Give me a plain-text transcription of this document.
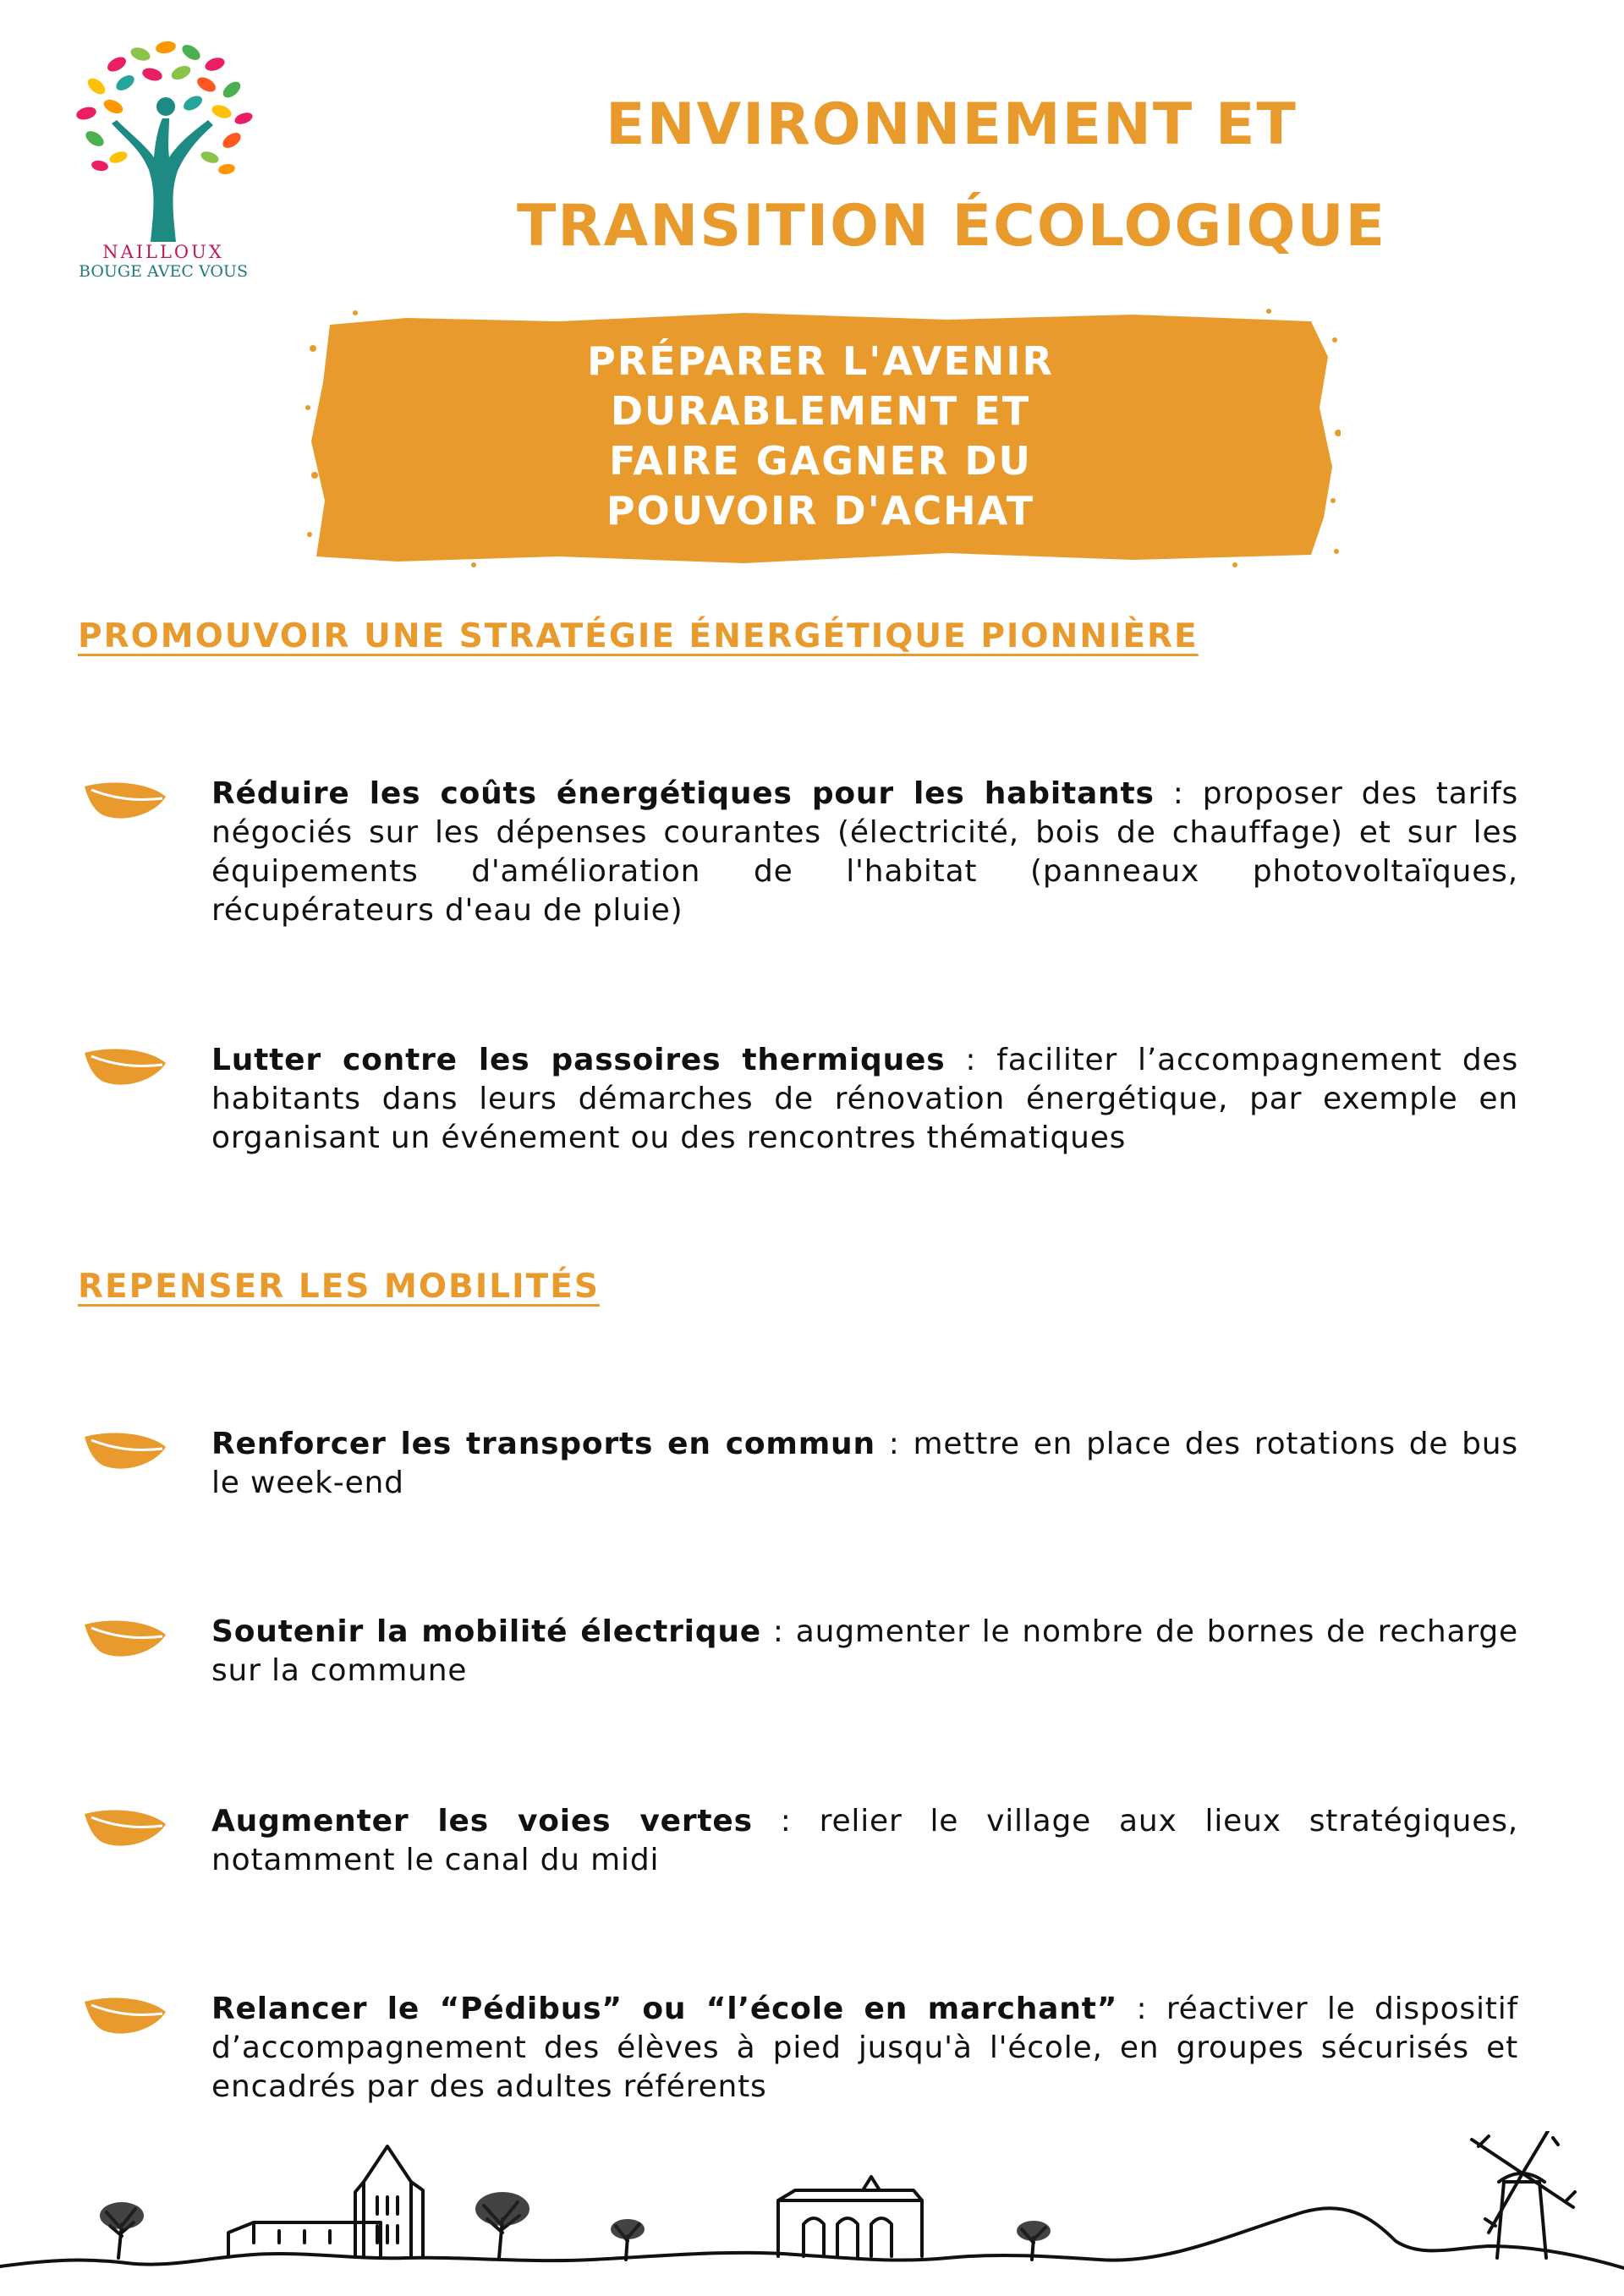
NAILLOUX
BOUGE AVEC VOUS
ENVIRONNEMENT ET
TRANSITION ÉCOLOGIQUE
PRÉPARER L'AVENIR
DURABLEMENT ET
FAIRE GAGNER DU
POUVOIR D'ACHAT
PROMOUVOIR UNE STRATÉGIE ÉNERGÉTIQUE PIONNIÈRE

Réduire les coûts énergétiques pour les habitants : proposer des tarifs négociés sur les dépenses courantes (électricité, bois de chauffage) et sur les équipements d'amélioration de l'habitat (panneaux photovoltaïques, récupérateurs d'eau de pluie)

Lutter contre les passoires thermiques : faciliter l’accompagnement des habitants dans leurs démarches de rénovation énergétique, par exemple en organisant un événement ou des rencontres thématiques

REPENSER LES MOBILITÉS

Renforcer les transports en commun : mettre en place des rotations de bus le week-end

Soutenir la mobilité électrique : augmenter le nombre de bornes de recharge sur la commune

Augmenter les voies vertes : relier le village aux lieux stratégiques, notamment le canal du midi

Relancer le “Pédibus” ou “l’école en marchant” : réactiver le dispositif d’accompagnement des élèves à pied jusqu'à l'école, en groupes sécurisés et encadrés par des adultes référents
